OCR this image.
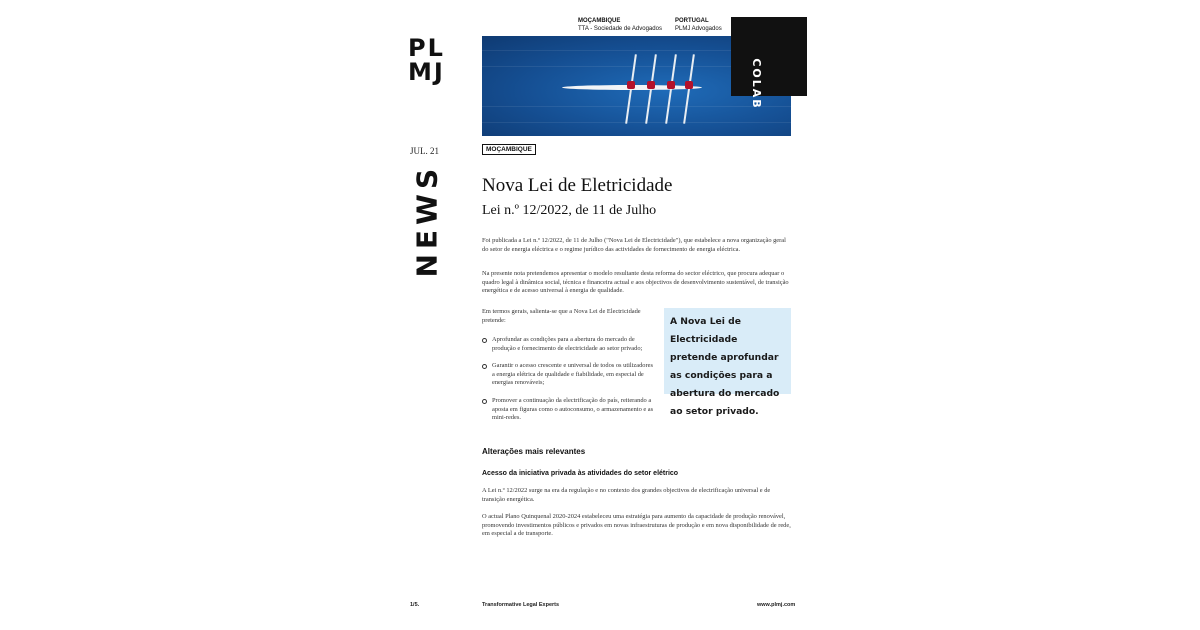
PL
MJ
JUL. 21
NEWS
MOÇAMBIQUE
TTA - Sociedade de Advogados
PORTUGAL
PLMJ Advogados
COLAB
MOÇAMBIQUE
Nova Lei de Eletricidade
Lei n.º 12/2022, de 11 de Julho

Foi publicada a Lei n.º 12/2022, de 11 de Julho ("Nova Lei de Electricidade"), que estabelece a nova organização geral do setor de energia eléctrica e o regime jurídico das actividades de fornecimento de energia eléctrica.

Na presente nota pretendemos apresentar o modelo resultante desta reforma do sector eléctrico, que procura adequar o quadro legal à dinâmica social, técnica e financeira actual e aos objectivos de desenvolvimento sustentável, de transição energética e de acesso universal à energia de qualidade.

Em termos gerais, salienta-se que a Nova Lei de Electricidade pretende:

Aprofundar as condições para a abertura do mercado de produção e fornecimento de electricidade ao setor privado;
Garantir o acesso crescente e universal de todos os utilizadores a energia elétrica de qualidade e fiabilidade, em especial de energias renováveis;
Promover a continuação da electrificação do país, reiterando a aposta em figuras como o autoconsumo, o armazenamento e as mini-redes.
A Nova Lei de Electricidade pretende aprofundar as condições para a abertura do mercado ao setor privado.
Alterações mais relevantes
Acesso da iniciativa privada às atividades do setor elétrico

A Lei n.º 12/2022 surge na era da regulação e no contexto dos grandes objectivos de electrificação universal e de transição energética.

O actual Plano Quinquenal 2020-2024 estabeleceu uma estratégia para aumento da capacidade de produção renovável, promovendo investimentos públicos e privados em novas infraestruturas de produção e em nova disponibilidade de rede, em especial a de transporte.

1/5.	Transformative Legal Experts	www.plmj.com
